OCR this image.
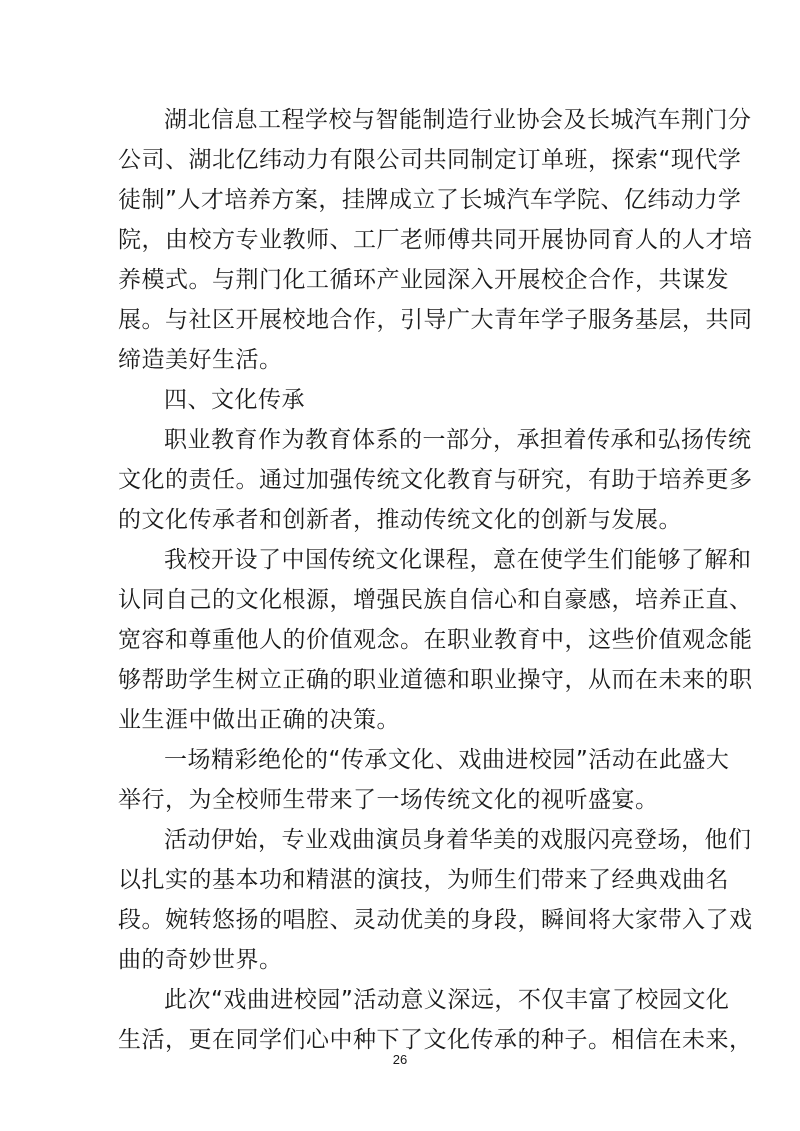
湖北信息工程学校与智能制造行业协会及长城汽车荆门分
公司、湖北亿纬动力有限公司共同制定订单班，探索“现代学
徒制”人才培养方案，挂牌成立了长城汽车学院、亿纬动力学
院，由校方专业教师、工厂老师傅共同开展协同育人的人才培
养模式。与荆门化工循环产业园深入开展校企合作，共谋发
展。与社区开展校地合作，引导广大青年学子服务基层，共同
缔造美好生活。
四、文化传承
职业教育作为教育体系的一部分，承担着传承和弘扬传统
文化的责任。通过加强传统文化教育与研究，有助于培养更多
的文化传承者和创新者，推动传统文化的创新与发展。
我校开设了中国传统文化课程，意在使学生们能够了解和
认同自己的文化根源，增强民族自信心和自豪感，培养正直、
宽容和尊重他人的价值观念。在职业教育中，这些价值观念能
够帮助学生树立正确的职业道德和职业操守，从而在未来的职
业生涯中做出正确的决策。
一场精彩绝伦的“传承文化、戏曲进校园”活动在此盛大
举行，为全校师生带来了一场传统文化的视听盛宴。
活动伊始，专业戏曲演员身着华美的戏服闪亮登场，他们
以扎实的基本功和精湛的演技，为师生们带来了经典戏曲名
段。婉转悠扬的唱腔、灵动优美的身段，瞬间将大家带入了戏
曲的奇妙世界。
此次“戏曲进校园”活动意义深远，不仅丰富了校园文化
生活，更在同学们心中种下了文化传承的种子。相信在未来，
26
